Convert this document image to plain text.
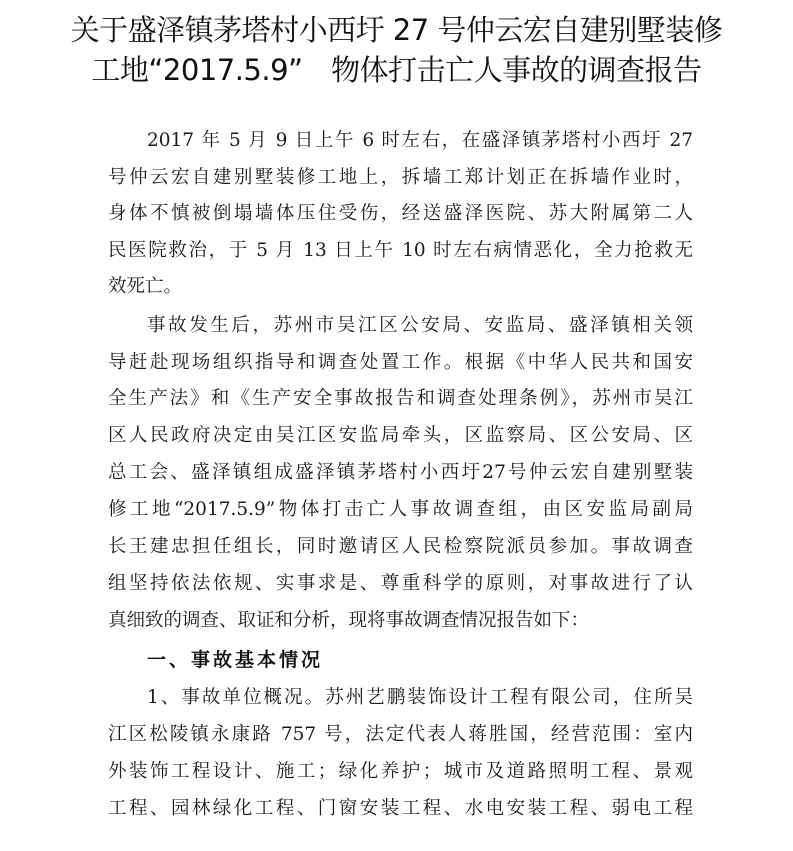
关于盛泽镇茅塔村小西圩 27 号仲云宏自建别墅装修
工地“2017.5.9”　物体打击亡人事故的调查报告
2017 年 5 月 9 日上午 6 时左右，在盛泽镇茅塔村小西圩 27
号仲云宏自建别墅装修工地上，拆墙工郑计划正在拆墙作业时，
身体不慎被倒塌墙体压住受伤，经送盛泽医院、苏大附属第二人
民医院救治，于 5 月 13 日上午 10 时左右病情恶化，全力抢救无
效死亡。
事故发生后，苏州市吴江区公安局、安监局、盛泽镇相关领
导赶赴现场组织指导和调查处置工作。根据《中华人民共和国安
全生产法》和《生产安全事故报告和调查处理条例》，苏州市吴江
区人民政府决定由吴江区安监局牵头，区监察局、区公安局、区
总工会、盛泽镇组成盛泽镇茅塔村小西圩27号仲云宏自建别墅装
修工地“2017.5.9”物体打击亡人事故调查组，由区安监局副局
长王建忠担任组长，同时邀请区人民检察院派员参加。事故调查
组坚持依法依规、实事求是、尊重科学的原则，对事故进行了认
真细致的调查、取证和分析，现将事故调查情况报告如下：
一、事故基本情况
1、事故单位概况。苏州艺鹏装饰设计工程有限公司，住所吴
江区松陵镇永康路 757 号，法定代表人蒋胜国，经营范围：室内
外装饰工程设计、施工；绿化养护；城市及道路照明工程、景观
工程、园林绿化工程、门窗安装工程、水电安装工程、弱电工程
